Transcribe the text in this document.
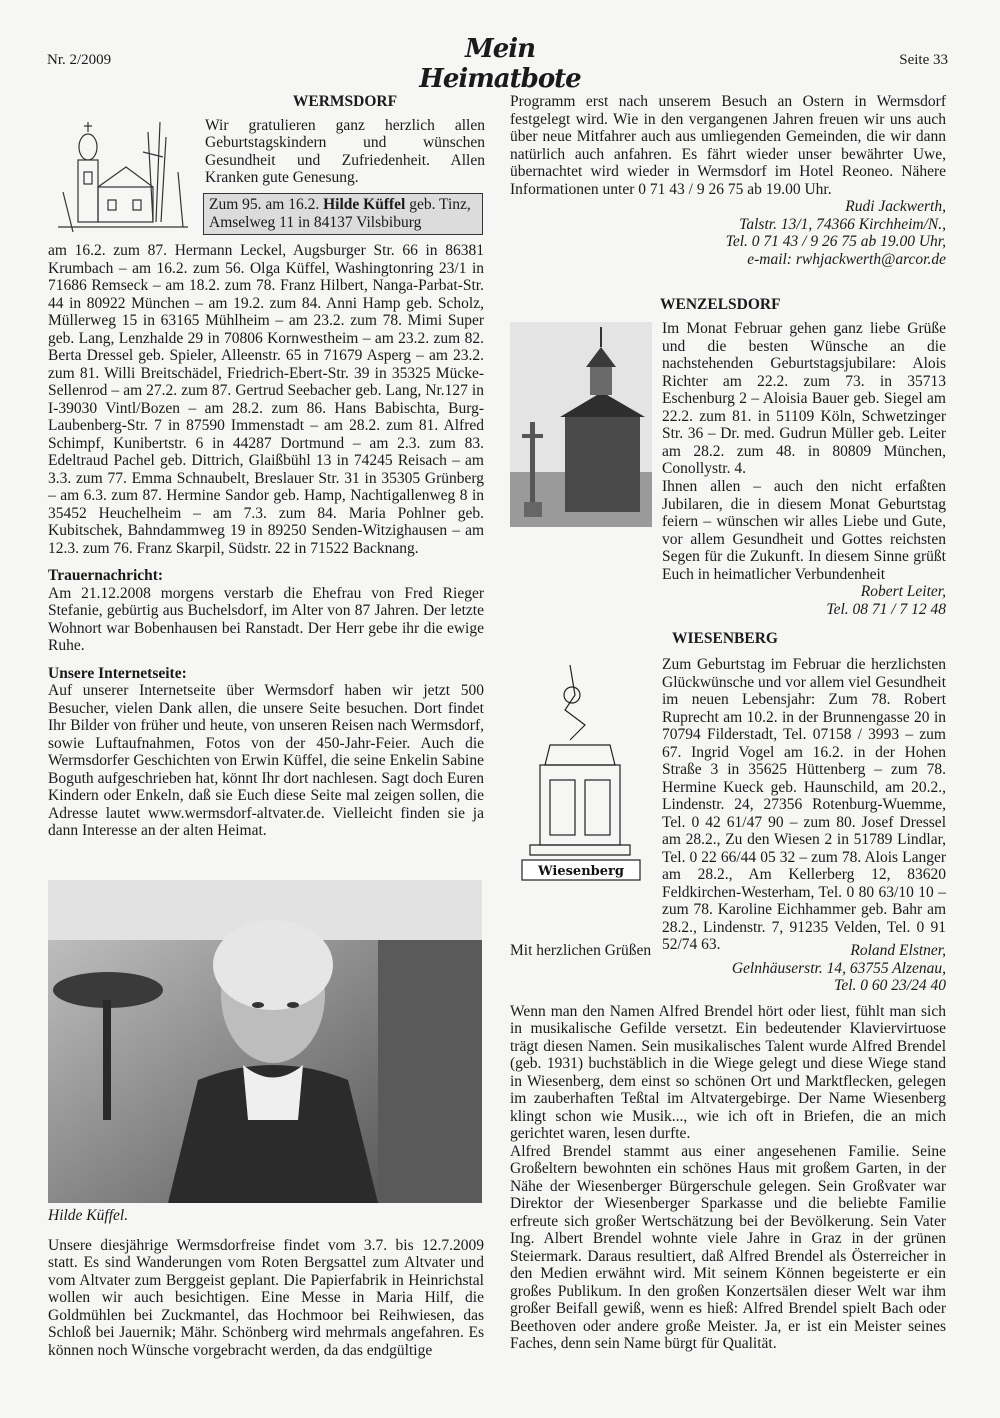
Nr. 2/2009	Mein Heimatbote
Seite 33
WERMSDORF

Wir gratulieren ganz herzlich allen Geburtstagskindern und wünschen Gesundheit und Zufriedenheit. Allen Kranken gute Genesung.

Zum 95. am 16.2. Hilde Küffel geb. Tinz, Amselweg 11 in 84137 Vilsbiburg

am 16.2. zum 87. Hermann Leckel, Augsburger Str. 66 in 86381 Krumbach – am 16.2. zum 56. Olga Küffel, Washingtonring 23/1 in 71686 Remseck – am 18.2. zum 78. Franz Hilbert, Nanga-Parbat-Str. 44 in 80922 München – am 19.2. zum 84. Anni Hamp geb. Scholz, Müllerweg 15 in 63165 Mühlheim – am 23.2. zum 78. Mimi Super geb. Lang, Lenzhalde 29 in 70806 Kornwestheim – am 23.2. zum 82. Berta Dressel geb. Spieler, Alleenstr. 65 in 71679 Asperg – am 23.2. zum 81. Willi Breitschädel, Friedrich-Ebert-Str. 39 in 35325 Mücke-Sellenrod – am 27.2. zum 87. Gertrud Seebacher geb. Lang, Nr.127 in I-39030 Vintl/Bozen – am 28.2. zum 86. Hans Babischta, Burg-Laubenberg-Str. 7 in 87590 Immenstadt – am 28.2. zum 81. Alfred Schimpf, Kunibertstr. 6 in 44287 Dortmund – am 2.3. zum 83. Edeltraud Pachel geb. Dittrich, Glaißbühl 13 in 74245 Reisach – am 3.3. zum 77. Emma Schnaubelt, Breslauer Str. 31 in 35305 Grünberg – am 6.3. zum 87. Hermine Sandor geb. Hamp, Nachtigallenweg 8 in 35452 Heuchelheim – am 7.3. zum 84. Maria Pohlner geb. Kubitschek, Bahndammweg 19 in 89250 Senden-Witzighausen – am 12.3. zum 76. Franz Skarpil, Südstr. 22 in 71522 Backnang.

Trauernachricht:

Am 21.12.2008 morgens verstarb die Ehefrau von Fred Rieger Stefanie, gebürtig aus Buchelsdorf, im Alter von 87 Jahren. Der letzte Wohnort war Bobenhausen bei Ranstadt. Der Herr gebe ihr die ewige Ruhe.

Unsere Internetseite:

Auf unserer Internetseite über Wermsdorf haben wir jetzt 500 Besucher, vielen Dank allen, die unsere Seite besuchen. Dort findet Ihr Bilder von früher und heute, von unseren Reisen nach Wermsdorf, sowie Luftaufnahmen, Fotos von der 450-Jahr-Feier. Auch die Wermsdorfer Geschichten von Erwin Küffel, die seine Enkelin Sabine Boguth aufgeschrieben hat, könnt Ihr dort nachlesen. Sagt doch Euren Kindern oder Enkeln, daß sie Euch diese Seite mal zeigen sollen, die Adresse lautet www.wermsdorf-altvater.de. Vielleicht finden sie ja dann Interesse an der alten Heimat.

Hilde Küffel.

Unsere diesjährige Wermsdorfreise findet vom 3.7. bis 12.7.2009 statt. Es sind Wanderungen vom Roten Bergsattel zum Altvater und vom Altvater zum Berggeist geplant. Die Papierfabrik in Heinrichstal wollen wir auch besichtigen. Eine Messe in Maria Hilf, die Goldmühlen bei Zuckmantel, das Hochmoor bei Reihwiesen, das Schloß bei Jauernik; Mähr. Schönberg wird mehrmals angefahren. Es können noch Wünsche vorgebracht werden, da das endgültige

Programm erst nach unserem Besuch an Ostern in Wermsdorf festgelegt wird. Wie in den vergangenen Jahren freuen wir uns auch über neue Mitfahrer auch aus umliegenden Gemeinden, die wir dann natürlich auch anfahren. Es fährt wieder unser bewährter Uwe, übernachtet wird wieder in Wermsdorf im Hotel Reoneo. Nähere Informationen unter 0 71 43 / 9 26 75 ab 19.00 Uhr.

Rudi Jackwerth,
Talstr. 13/1, 74366 Kirchheim/N.,
Tel. 0 71 43 / 9 26 75 ab 19.00 Uhr,
e-mail: rwhjackwerth@arcor.de
WENZELSDORF

Im Monat Februar gehen ganz liebe Grüße und die besten Wünsche an die nachstehenden Geburtstagsjubilare: Alois Richter am 22.2. zum 73. in 35713 Eschenburg 2 – Aloisia Bauer geb. Siegel am 22.2. zum 81. in 51109 Köln, Schwetzinger Str. 36 – Dr. med. Gudrun Müller geb. Leiter am 28.2. zum 48. in 80809 München, Conollystr. 4.

Ihnen allen – auch den nicht erfaßten Jubilaren, die in diesem Monat Geburtstag feiern – wünschen wir alles Liebe und Gute, vor allem Gesundheit und Gottes reichsten Segen für die Zukunft. In diesem Sinne grüßt Euch in heimatlicher Verbundenheit

Robert Leiter,
Tel. 08 71 / 7 12 48
WIESENBERG
Wiesenberg

Zum Geburtstag im Februar die herzlichsten Glückwünsche und vor allem viel Gesundheit im neuen Lebensjahr: Zum 78. Robert Ruprecht am 10.2. in der Brunnengasse 20 in 70794 Filderstadt, Tel. 07158 / 3993 – zum 67. Ingrid Vogel am 16.2. in der Hohen Straße 3 in 35625 Hüttenberg – zum 78. Hermine Kueck geb. Haunschild, am 20.2., Lindenstr. 24, 27356 Rotenburg-Wuemme, Tel. 0 42 61/47 90 – zum 80. Josef Dressel am 28.2., Zu den Wiesen 2 in 51789 Lindlar, Tel. 0 22 66/44 05 32 – zum 78. Alois Langer am 28.2., Am Kellerberg 12, 83620 Feldkirchen-Westerham, Tel. 0 80 63/10 10 – zum 78. Karoline Eichhammer geb. Bahr am 28.2., Lindenstr. 7, 91235 Velden, Tel. 0 91 52/74 63.

Mit herzlichen Grüßen	Roland Elstner,
Gelnhäuserstr. 14, 63755 Alzenau,
Tel. 0 60 23/24 40

Wenn man den Namen Alfred Brendel hört oder liest, fühlt man sich in musikalische Gefilde versetzt. Ein bedeutender Klaviervirtuose trägt diesen Namen. Sein musikalisches Talent wurde Alfred Brendel (geb. 1931) buchstäblich in die Wiege gelegt und diese Wiege stand in Wiesenberg, dem einst so schönen Ort und Marktflecken, gelegen im zauberhaften Teßtal im Altvatergebirge. Der Name Wiesenberg klingt schon wie Musik..., wie ich oft in Briefen, die an mich gerichtet waren, lesen durfte.

Alfred Brendel stammt aus einer angesehenen Familie. Seine Großeltern bewohnten ein schönes Haus mit großem Garten, in der Nähe der Wiesenberger Bürgerschule gelegen. Sein Großvater war Direktor der Wiesenberger Sparkasse und die beliebte Familie erfreute sich großer Wertschätzung bei der Bevölkerung. Sein Vater Ing. Albert Brendel wohnte viele Jahre in Graz in der grünen Steiermark. Daraus resultiert, daß Alfred Brendel als Österreicher in den Medien erwähnt wird. Mit seinem Können begeisterte er ein großes Publikum. In den großen Konzertsälen dieser Welt war ihm großer Beifall gewiß, wenn es hieß: Alfred Brendel spielt Bach oder Beethoven oder andere große Meister. Ja, er ist ein Meister seines Faches, denn sein Name bürgt für Qualität.
